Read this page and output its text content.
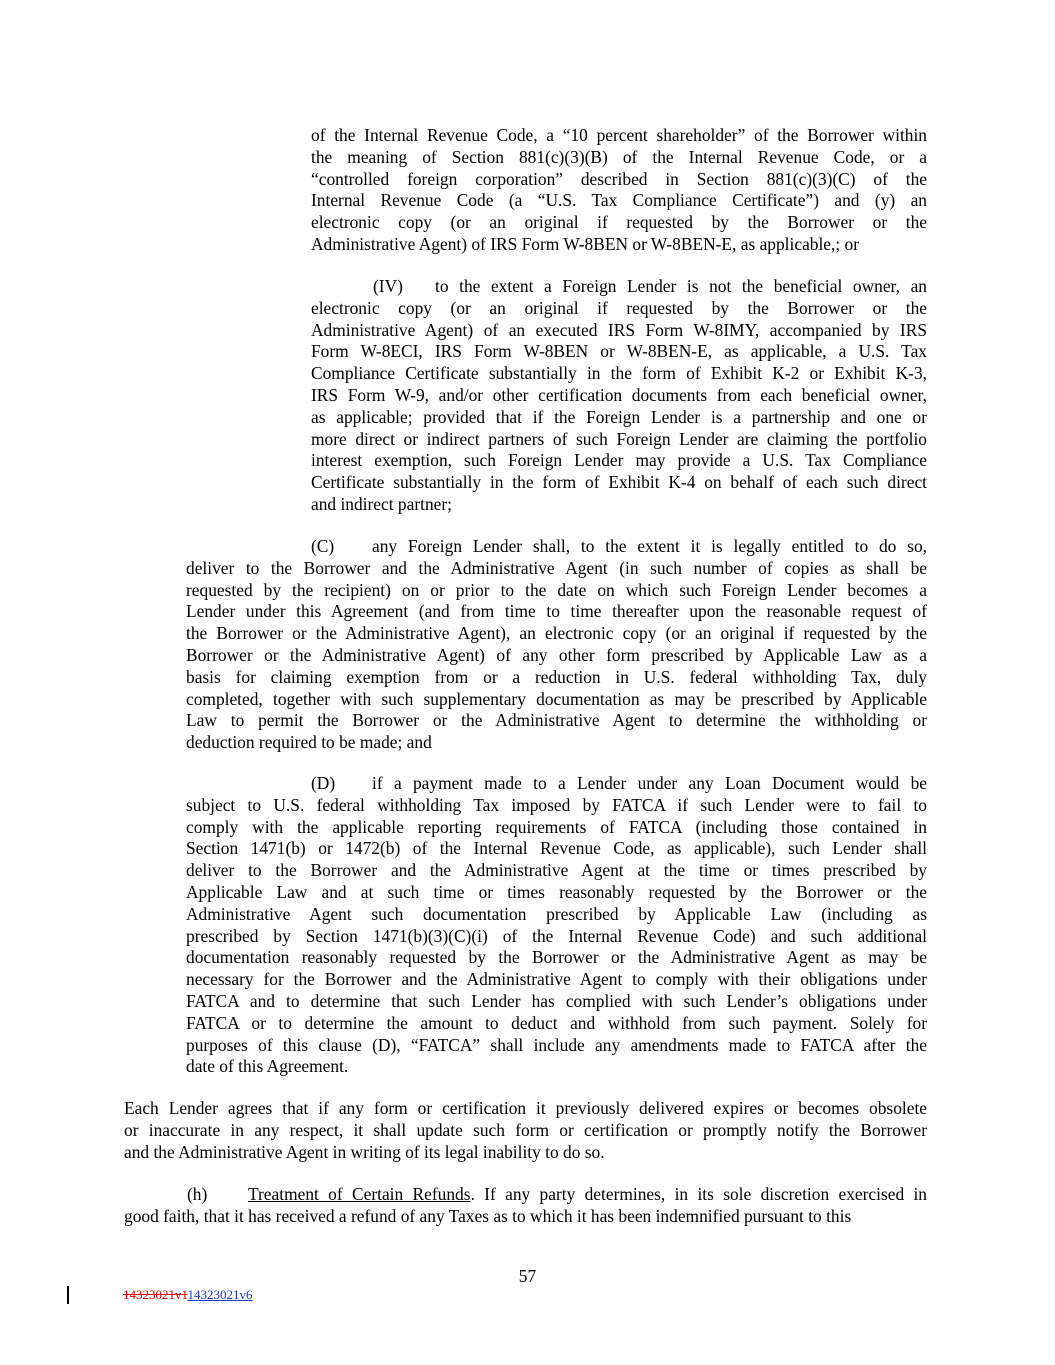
of the Internal Revenue Code, a “10 percent shareholder” of the Borrower within
the meaning of Section 881(c)(3)(B) of the Internal Revenue Code, or a
“controlled foreign corporation” described in Section 881(c)(3)(C) of the
Internal Revenue Code (a “U.S. Tax Compliance Certificate”) and (y) an
electronic copy (or an original if requested by the Borrower or the
Administrative Agent) of IRS Form W-8BEN or W-8BEN-E, as applicable,; or
(IV) to the extent a Foreign Lender is not the beneficial owner, an
electronic copy (or an original if requested by the Borrower or the
Administrative Agent) of an executed IRS Form W-8IMY, accompanied by IRS
Form W-8ECI, IRS Form W-8BEN or W-8BEN-E, as applicable, a U.S. Tax
Compliance Certificate substantially in the form of Exhibit K-2 or Exhibit K-3,
IRS Form W-9, and/or other certification documents from each beneficial owner,
as applicable; provided that if the Foreign Lender is a partnership and one or
more direct or indirect partners of such Foreign Lender are claiming the portfolio
interest exemption, such Foreign Lender may provide a U.S. Tax Compliance
Certificate substantially in the form of Exhibit K-4 on behalf of each such direct
and indirect partner;
(C) any Foreign Lender shall, to the extent it is legally entitled to do so,
deliver to the Borrower and the Administrative Agent (in such number of copies as shall be
requested by the recipient) on or prior to the date on which such Foreign Lender becomes a
Lender under this Agreement (and from time to time thereafter upon the reasonable request of
the Borrower or the Administrative Agent), an electronic copy (or an original if requested by the
Borrower or the Administrative Agent) of any other form prescribed by Applicable Law as a
basis for claiming exemption from or a reduction in U.S. federal withholding Tax, duly
completed, together with such supplementary documentation as may be prescribed by Applicable
Law to permit the Borrower or the Administrative Agent to determine the withholding or
deduction required to be made; and
(D) if a payment made to a Lender under any Loan Document would be
subject to U.S. federal withholding Tax imposed by FATCA if such Lender were to fail to
comply with the applicable reporting requirements of FATCA (including those contained in
Section 1471(b) or 1472(b) of the Internal Revenue Code, as applicable), such Lender shall
deliver to the Borrower and the Administrative Agent at the time or times prescribed by
Applicable Law and at such time or times reasonably requested by the Borrower or the
Administrative Agent such documentation prescribed by Applicable Law (including as
prescribed by Section 1471(b)(3)(C)(i) of the Internal Revenue Code) and such additional
documentation reasonably requested by the Borrower or the Administrative Agent as may be
necessary for the Borrower and the Administrative Agent to comply with their obligations under
FATCA and to determine that such Lender has complied with such Lender’s obligations under
FATCA or to determine the amount to deduct and withhold from such payment. Solely for
purposes of this clause (D), “FATCA” shall include any amendments made to FATCA after the
date of this Agreement.
Each Lender agrees that if any form or certification it previously delivered expires or becomes obsolete
or inaccurate in any respect, it shall update such form or certification or promptly notify the Borrower
and the Administrative Agent in writing of its legal inability to do so.
(h) Treatment of Certain Refunds. If any party determines, in its sole discretion exercised in
good faith, that it has received a refund of any Taxes as to which it has been indemnified pursuant to this
57
14323021v114323021v6
